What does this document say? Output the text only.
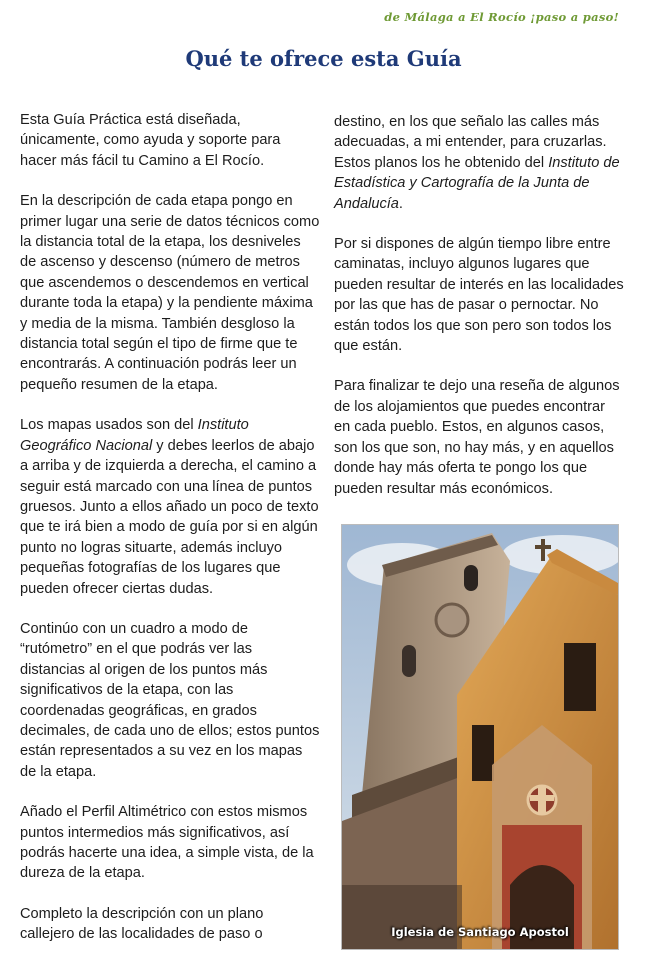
de Málaga a El Rocío ¡paso a paso!
Qué te ofrece esta Guía

Esta Guía Práctica está diseñada, únicamente, como ayuda y soporte para hacer más fácil tu Camino a El Rocío.

En la descripción de cada etapa pongo en primer lugar una serie de datos técnicos como la distancia total de la etapa, los desniveles de ascenso y descenso (número de metros que ascendemos o descendemos en vertical durante toda la etapa) y la pendiente máxima y media de la misma. También desgloso la distancia total según el tipo de firme que te encontrarás. A continuación podrás leer un pequeño resumen de la etapa.

Los mapas usados son del Instituto Geográfico Nacional y debes leerlos de abajo a arriba y de izquierda a derecha, el camino a seguir está marcado con una línea de puntos gruesos. Junto a ellos añado un poco de texto que te irá bien a modo de guía por si en algún punto no logras situarte, además incluyo pequeñas fotografías de los lugares que pueden ofrecer ciertas dudas.

Continúo con un cuadro a modo de “rutómetro” en el que podrás ver las distancias al origen de los puntos más significativos de la etapa, con las coordenadas geográficas, en grados decimales, de cada uno de ellos; estos puntos están representados a su vez en los mapas de la etapa.

Añado el Perfil Altimétrico con estos mismos puntos intermedios más significativos, así podrás hacerte una idea, a simple vista, de la dureza de la etapa.

Completo la descripción con un plano callejero de las localidades de paso o

destino, en los que señalo las calles más adecuadas, a mi entender, para cruzarlas. Estos planos los he obtenido del Instituto de Estadística y Cartografía de la Junta de Andalucía.

Por si dispones de algún tiempo libre entre caminatas, incluyo algunos lugares que pueden resultar de interés en las localidades por las que has de pasar o pernoctar. No están todos los que son pero son todos los que están.

Para finalizar te dejo una reseña de algunos de los alojamientos que puedes encontrar en cada pueblo. Estos, en algunos casos, son los que son, no hay más, y en aquellos donde hay más oferta te pongo los que pueden resultar más económicos.

Iglesia de Santiago Apostol
